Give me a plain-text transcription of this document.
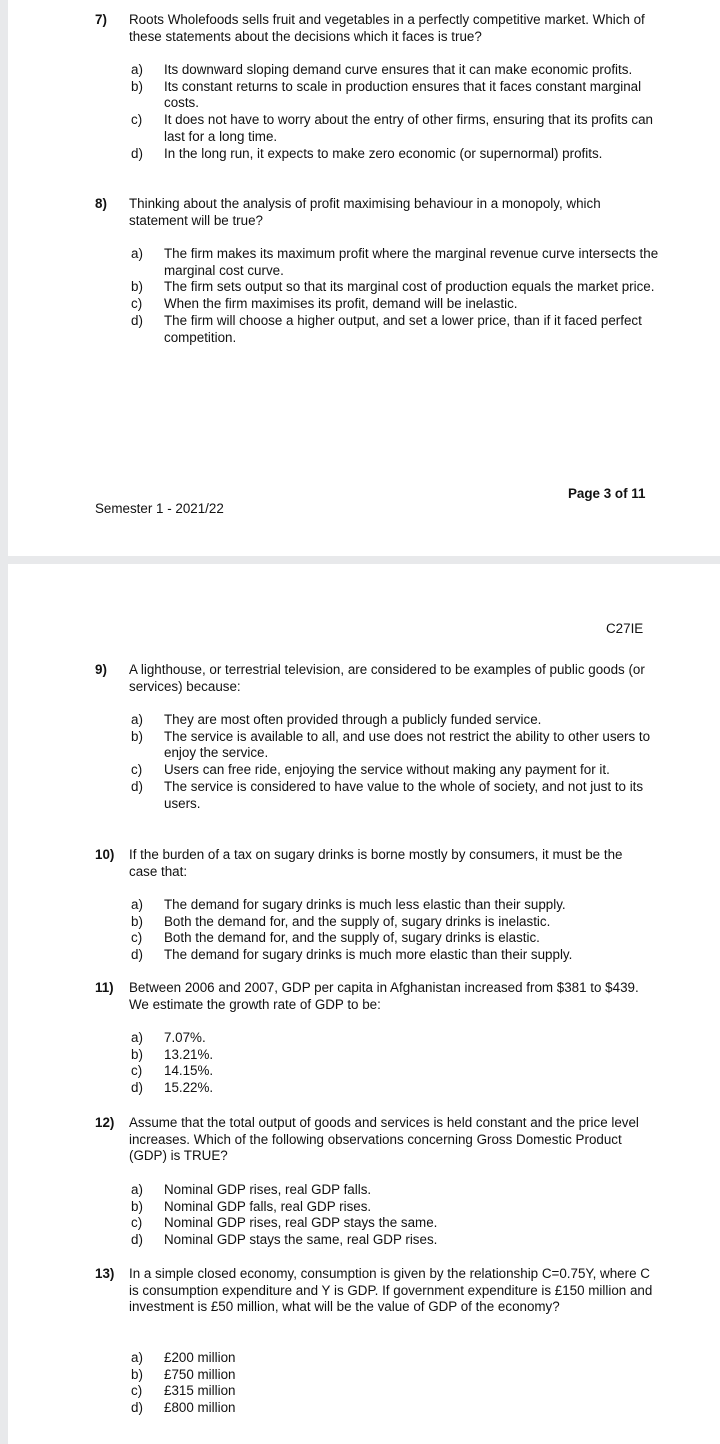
7) Roots Wholefoods sells fruit and vegetables in a perfectly competitive market. Which of these statements about the decisions which it faces is true?
a) Its downward sloping demand curve ensures that it can make economic profits.
b) Its constant returns to scale in production ensures that it faces constant marginal costs.
c) It does not have to worry about the entry of other firms, ensuring that its profits can last for a long time.
d) In the long run, it expects to make zero economic (or supernormal) profits.
8) Thinking about the analysis of profit maximising behaviour in a monopoly, which statement will be true?
a) The firm makes its maximum profit where the marginal revenue curve intersects the marginal cost curve.
b) The firm sets output so that its marginal cost of production equals the market price.
c) When the firm maximises its profit, demand will be inelastic.
d) The firm will choose a higher output, and set a lower price, than if it faced perfect competition.
Page 3 of 11
Semester 1 - 2021/22
C27IE
9) A lighthouse, or terrestrial television, are considered to be examples of public goods (or services) because:
a) They are most often provided through a publicly funded service.
b) The service is available to all, and use does not restrict the ability to other users to enjoy the service.
c) Users can free ride, enjoying the service without making any payment for it.
d) The service is considered to have value to the whole of society, and not just to its users.
10) If the burden of a tax on sugary drinks is borne mostly by consumers, it must be the case that:
a) The demand for sugary drinks is much less elastic than their supply.
b) Both the demand for, and the supply of, sugary drinks is inelastic.
c) Both the demand for, and the supply of, sugary drinks is elastic.
d) The demand for sugary drinks is much more elastic than their supply.
11) Between 2006 and 2007, GDP per capita in Afghanistan increased from $381 to $439. We estimate the growth rate of GDP to be:
a) 7.07%.
b) 13.21%.
c) 14.15%.
d) 15.22%.
12) Assume that the total output of goods and services is held constant and the price level increases. Which of the following observations concerning Gross Domestic Product (GDP) is TRUE?
a) Nominal GDP rises, real GDP falls.
b) Nominal GDP falls, real GDP rises.
c) Nominal GDP rises, real GDP stays the same.
d) Nominal GDP stays the same, real GDP rises.
13) In a simple closed economy, consumption is given by the relationship C=0.75Y, where C is consumption expenditure and Y is GDP. If government expenditure is £150 million and investment is £50 million, what will be the value of GDP of the economy?
a) £200 million
b) £750 million
c) £315 million
d) £800 million
